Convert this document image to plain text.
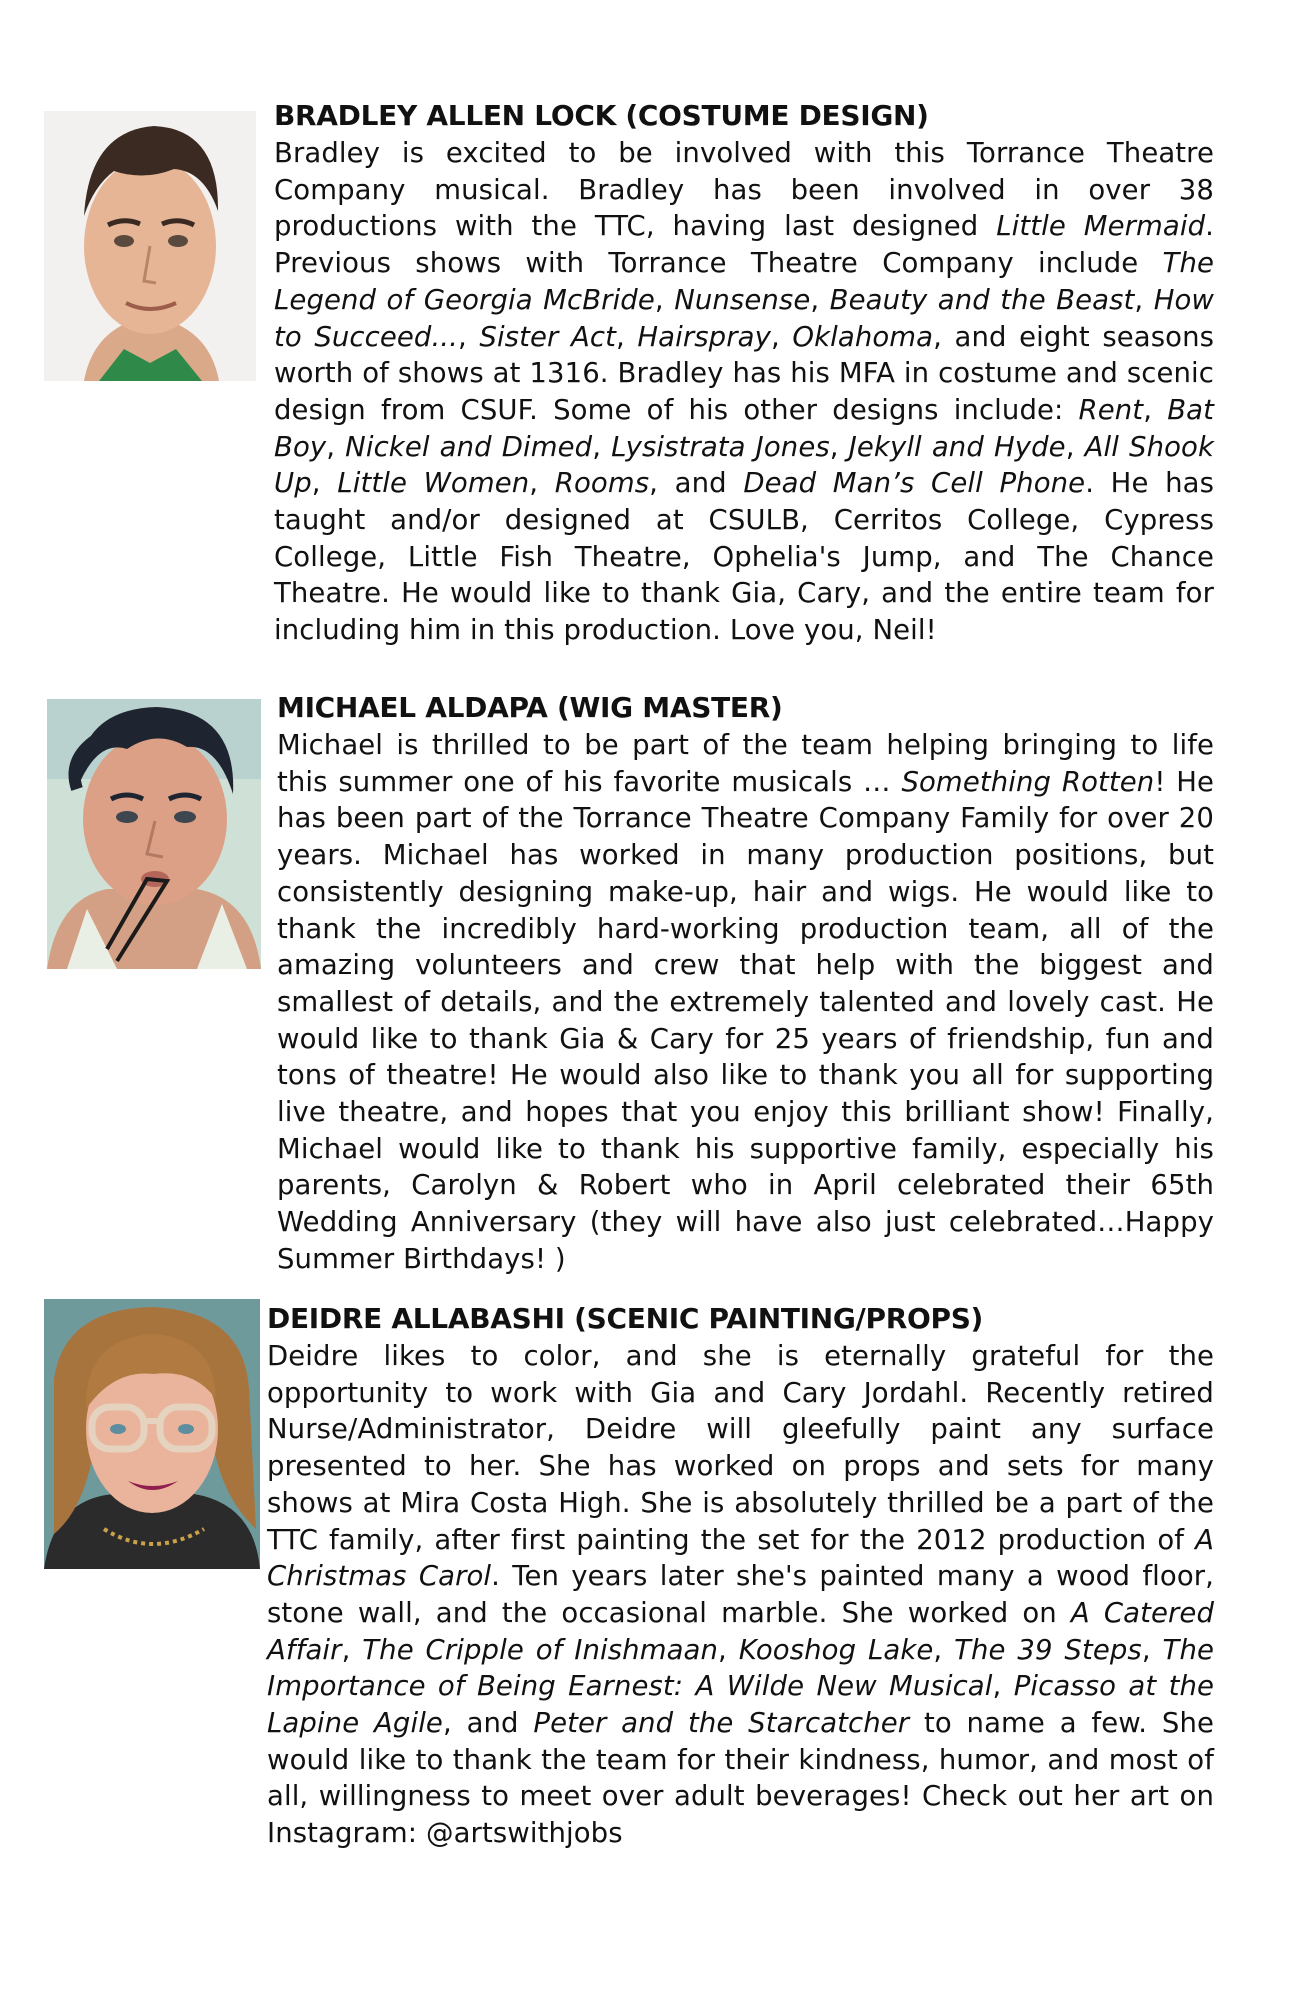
BRADLEY ALLEN LOCK (COSTUME DESIGN)

Bradley is excited to be involved with this Torrance Theatre Company musical. Bradley has been involved in over 38 productions with the TTC, having last designed Little Mermaid. Previous shows with Torrance Theatre Company include The Legend of Georgia McBride, Nunsense, Beauty and the Beast, How to Succeed..., Sister Act, Hairspray, Oklahoma, and eight seasons worth of shows at 1316. Bradley has his MFA in costume and scenic design from CSUF. Some of his other designs include: Rent, Bat Boy, Nickel and Dimed, Lysistrata Jones, Jekyll and Hyde, All Shook Up, Little Women, Rooms, and Dead Man’s Cell Phone. He has taught and/or designed at CSULB, Cerritos College, Cypress College, Little Fish Theatre, Ophelia's Jump, and The Chance Theatre. He would like to thank Gia, Cary, and the entire team for including him in this production. Love you, Neil!

MICHAEL ALDAPA (WIG MASTER)

Michael is thrilled to be part of the team helping bringing to life this summer one of his favorite musicals … Something Rotten! He has been part of the Torrance Theatre Company Family for over 20 years. Michael has worked in many production positions, but consistently designing make-up, hair and wigs. He would like to thank the incredibly hard-working production team, all of the amazing volunteers and crew that help with the biggest and smallest of details, and the extremely talented and lovely cast. He would like to thank Gia & Cary for 25 years of friendship, fun and tons of theatre! He would also like to thank you all for supporting live theatre, and hopes that you enjoy this brilliant show! Finally, Michael would like to thank his supportive family, especially his parents, Carolyn & Robert who in April celebrated their 65th Wedding Anniversary (they will have also just celebrated…Happy Summer Birthdays! )

DEIDRE ALLABASHI (SCENIC PAINTING/PROPS)

Deidre likes to color, and she is eternally grateful for the opportunity to work with Gia and Cary Jordahl. Recently retired Nurse/Administrator, Deidre will gleefully paint any surface presented to her. She has worked on props and sets for many shows at Mira Costa High. She is absolutely thrilled be a part of the TTC family, after first painting the set for the 2012 production of A Christmas Carol. Ten years later she's painted many a wood floor, stone wall, and the occasional marble. She worked on A Catered Affair, The Cripple of Inishmaan, Kooshog Lake, The 39 Steps, The Importance of Being Earnest: A Wilde New Musical, Picasso at the Lapine Agile, and Peter and the Starcatcher to name a few. She would like to thank the team for their kindness, humor, and most of all, willingness to meet over adult beverages! Check out her art on Instagram: @artswithjobs
